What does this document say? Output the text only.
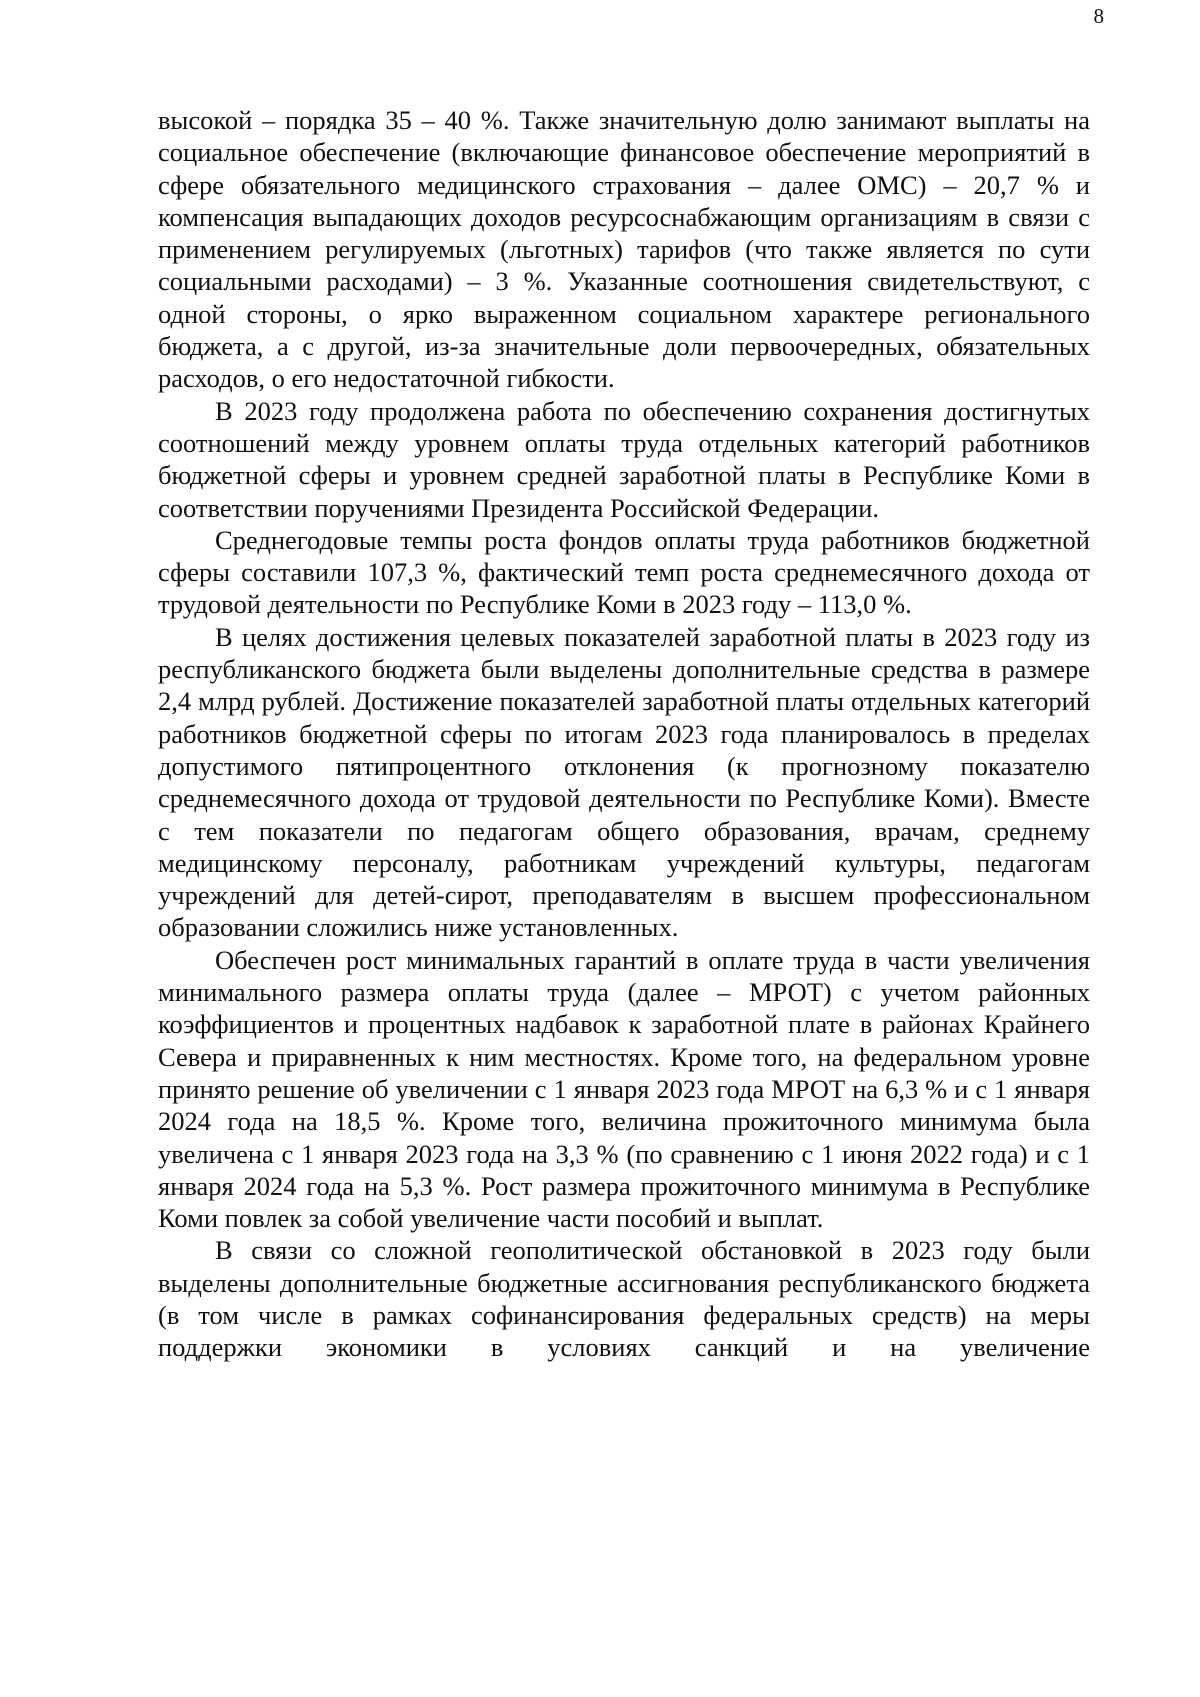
8

высокой – порядка 35 – 40 %. Также значительную долю занимают выплаты на социальное обеспечение (включающие финансовое обеспечение мероприятий в сфере обязательного медицинского страхования – далее ОМС) – 20,7 % и компенсация выпадающих доходов ресурсоснабжающим организациям в связи с применением регулируемых (льготных) тарифов (что также является по сути социальными расходами) – 3 %. Указанные соотношения свидетельствуют, с одной стороны, о ярко выраженном социальном характере регионального бюджета, а с другой, из-за значительные доли первоочередных, обязательных расходов, о его недостаточной гибкости.

В 2023 году продолжена работа по обеспечению сохранения достигнутых соотношений между уровнем оплаты труда отдельных категорий работников бюджетной сферы и уровнем средней заработной платы в Республике Коми в соответствии поручениями Президента Российской Федерации.

Среднегодовые темпы роста фондов оплаты труда работников бюджетной сферы составили 107,3 %, фактический темп роста среднемесячного дохода от трудовой деятельности по Республике Коми в 2023 году – 113,0 %.

В целях достижения целевых показателей заработной платы в 2023 году из республиканского бюджета были выделены дополнительные средства в размере 2,4 млрд рублей. Достижение показателей заработной платы отдельных категорий работников бюджетной сферы по итогам 2023 года планировалось в пределах допустимого пятипроцентного отклонения (к прогнозному показателю среднемесячного дохода от трудовой деятельности по Республике Коми). Вместе с тем показатели по педагогам общего образования, врачам, среднему медицинскому персоналу, работникам учреждений культуры, педагогам учреждений для детей-сирот, преподавателям в высшем профессиональном образовании сложились ниже установленных.

Обеспечен рост минимальных гарантий в оплате труда в части увеличения минимального размера оплаты труда (далее – МРОТ) с учетом районных коэффициентов и процентных надбавок к заработной плате в районах Крайнего Севера и приравненных к ним местностях. Кроме того, на федеральном уровне принято решение об увеличении с 1 января 2023 года МРОТ на 6,3 % и с 1 января 2024 года на 18,5 %. Кроме того, величина прожиточного минимума была увеличена с 1 января 2023 года на 3,3 % (по сравнению с 1 июня 2022 года) и с 1 января 2024 года на 5,3 %. Рост размера прожиточного минимума в Республике Коми повлек за собой увеличение части пособий и выплат.

В связи со сложной геополитической обстановкой в 2023 году были выделены дополнительные бюджетные ассигнования республиканского бюджета (в том числе в рамках софинансирования федеральных средств) на меры поддержки экономики в условиях санкций и на увеличение
